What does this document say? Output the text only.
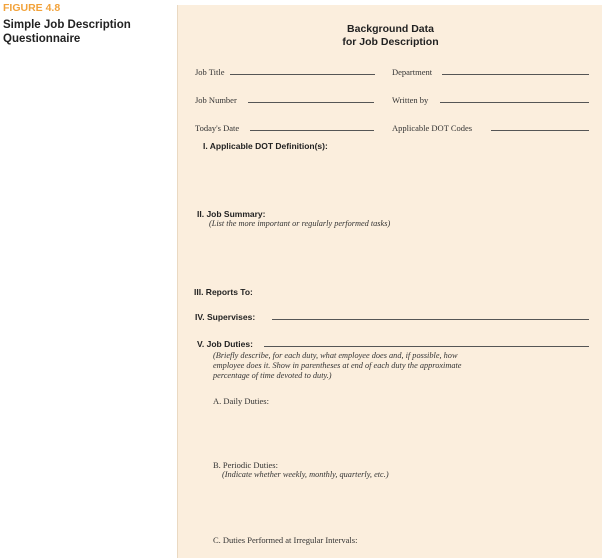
FIGURE 4.8
Simple Job Description
Questionnaire
Background Data
for Job Description
Job Title	Department
Job Number	Written by
Today's Date	Applicable DOT Codes
I. Applicable DOT Definition(s):
II. Job Summary:
(List the more important or regularly performed tasks)
III. Reports To:
IV. Supervises:
V. Job Duties:
(Briefly describe, for each duty, what employee does and, if possible, how
employee does it. Show in parentheses at end of each duty the approximate
percentage of time devoted to duty.)
A. Daily Duties:
B. Periodic Duties:
(Indicate whether weekly, monthly, quarterly, etc.)
C. Duties Performed at Irregular Intervals:
